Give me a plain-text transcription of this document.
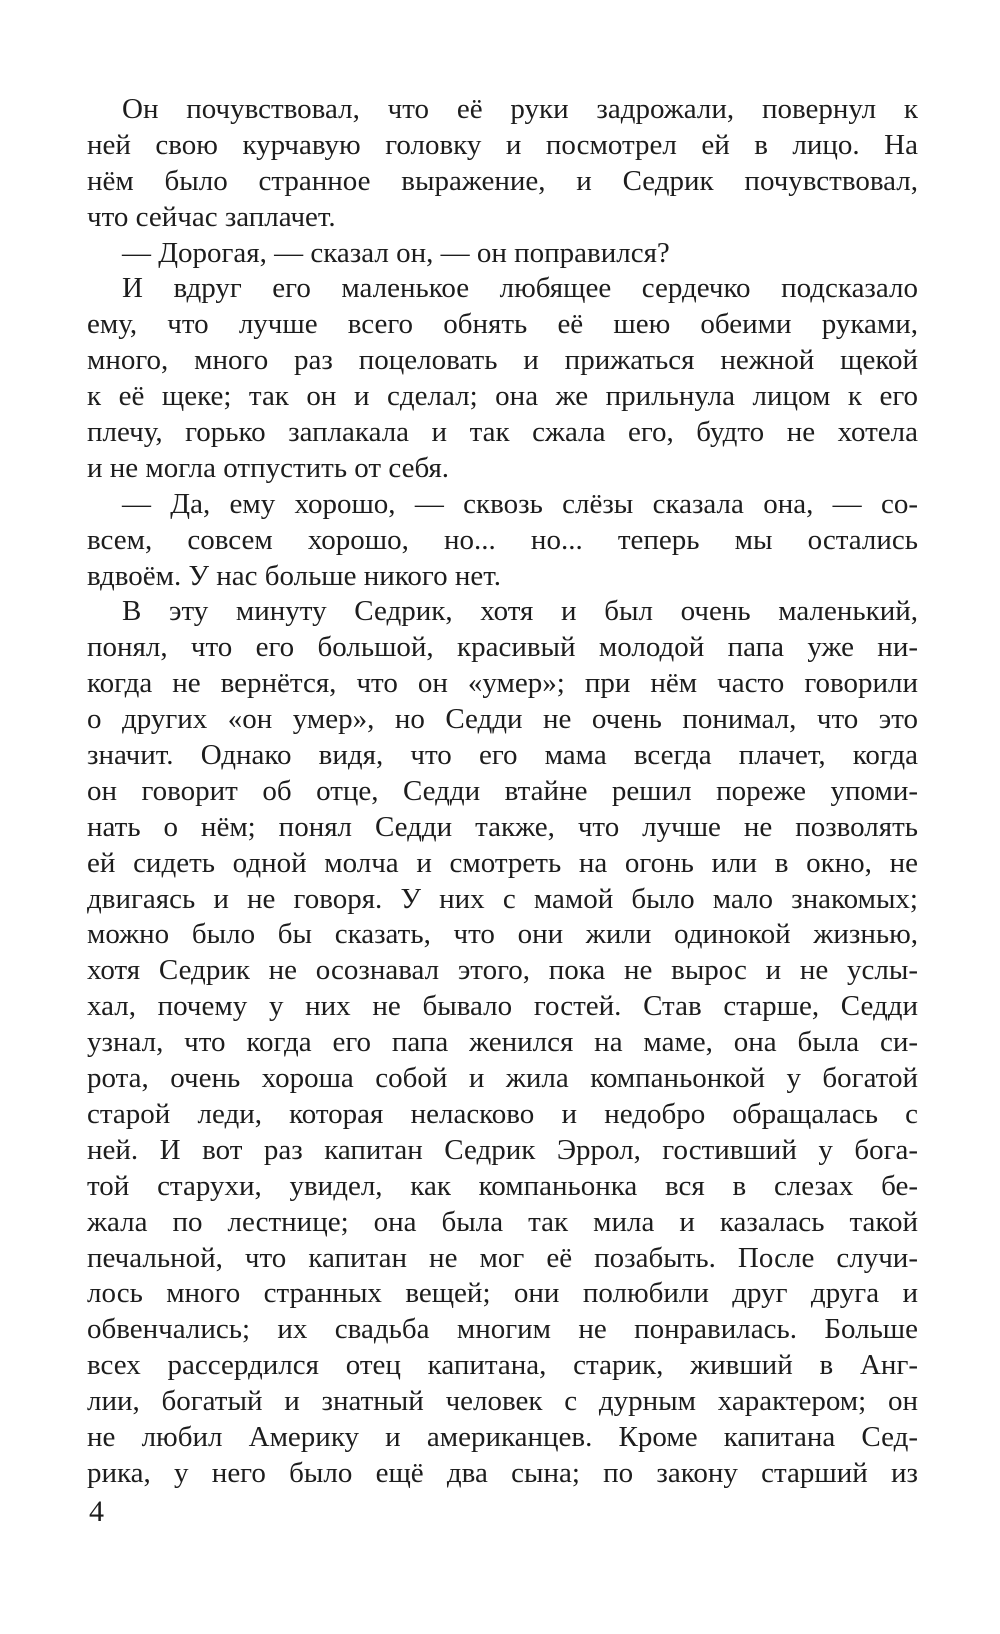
Он почувствовал, что её руки задрожали, повернул к
ней свою курчавую головку и посмотрел ей в лицо. На
нём было странное выражение, и Седрик почувствовал,
что сейчас заплачет.
— Дорогая, — сказал он, — он поправился?
И вдруг его маленькое любящее сердечко подсказало
ему, что лучше всего обнять её шею обеими руками,
много, много раз поцеловать и прижаться нежной щекой
к её щеке; так он и сделал; она же прильнула лицом к его
плечу, горько заплакала и так сжала его, будто не хотела
и не могла отпустить от себя.
— Да, ему хорошо, — сквозь слёзы сказала она, — со-
всем, совсем хорошо, но... но... теперь мы остались
вдвоём. У нас больше никого нет.
В эту минуту Седрик, хотя и был очень маленький,
понял, что его большой, красивый молодой папа уже ни-
когда не вернётся, что он «умер»; при нём часто говорили
о других «он умер», но Седди не очень понимал, что это
значит. Однако видя, что его мама всегда плачет, когда
он говорит об отце, Седди втайне решил пореже упоми-
нать о нём; понял Седди также, что лучше не позволять
ей сидеть одной молча и смотреть на огонь или в окно, не
двигаясь и не говоря. У них с мамой было мало знакомых;
можно было бы сказать, что они жили одинокой жизнью,
хотя Седрик не осознавал этого, пока не вырос и не услы-
хал, почему у них не бывало гостей. Став старше, Седди
узнал, что когда его папа женился на маме, она была си-
рота, очень хороша собой и жила компаньонкой у богатой
старой леди, которая неласково и недобро обращалась с
ней. И вот раз капитан Седрик Эррол, гостивший у бога-
той старухи, увидел, как компаньонка вся в слезах бе-
жала по лестнице; она была так мила и казалась такой
печальной, что капитан не мог её позабыть. После случи-
лось много странных вещей; они полюбили друг друга и
обвенчались; их свадьба многим не понравилась. Больше
всех рассердился отец капитана, старик, живший в Анг-
лии, богатый и знатный человек с дурным характером; он
не любил Америку и американцев. Кроме капитана Сед-
рика, у него было ещё два сына; по закону старший из
4
